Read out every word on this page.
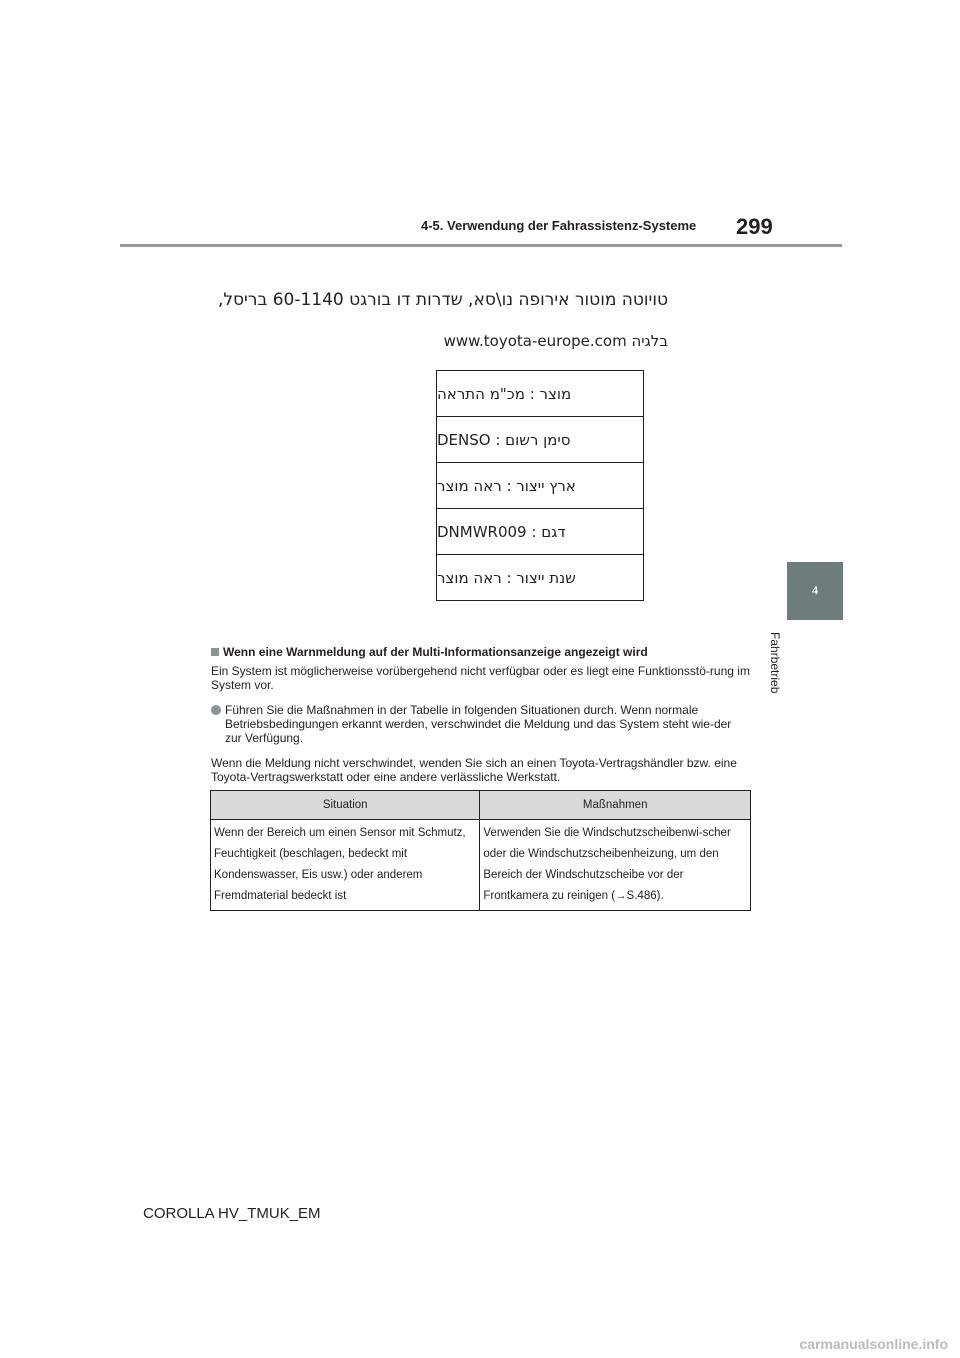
4-5. Verwendung der Fahrassistenz-Systeme 299
4
Fahrbetrieb
טויוטה מוטור אירופה נו\סא, שדרות דו בורגט 60-1140 בריסל,
בלגיה www.toyota-europe.com
מוצר : מכ"מ התראה
סימן רשום : DENSO
ארץ ייצור : ראה מוצר
דגם : DNMWR009
שנת ייצור : ראה מוצר
Wenn eine Warnmeldung auf der Multi-Informationsanzeige angezeigt wird
Ein System ist möglicherweise vorübergehend nicht verfügbar oder es liegt eine Funktionsstö-rung im System vor.
Führen Sie die Maßnahmen in der Tabelle in folgenden Situationen durch. Wenn normale Betriebsbedingungen erkannt werden, verschwindet die Meldung und das System steht wie-der zur Verfügung.
Wenn die Meldung nicht verschwindet, wenden Sie sich an einen Toyota-Vertragshändler bzw. eine Toyota-Vertragswerkstatt oder eine andere verlässliche Werkstatt.
Situation	Maßnahmen
Wenn der Bereich um einen Sensor mit Schmutz, Feuchtigkeit (beschlagen, bedeckt mit Kondenswasser, Eis usw.) oder anderem Fremdmaterial bedeckt ist	Verwenden Sie die Windschutzscheibenwi-scher oder die Windschutzscheibenheizung, um den Bereich der Windschutzscheibe vor der Frontkamera zu reinigen (→S.486).
COROLLA HV_TMUK_EM
carmanualsonline.info
